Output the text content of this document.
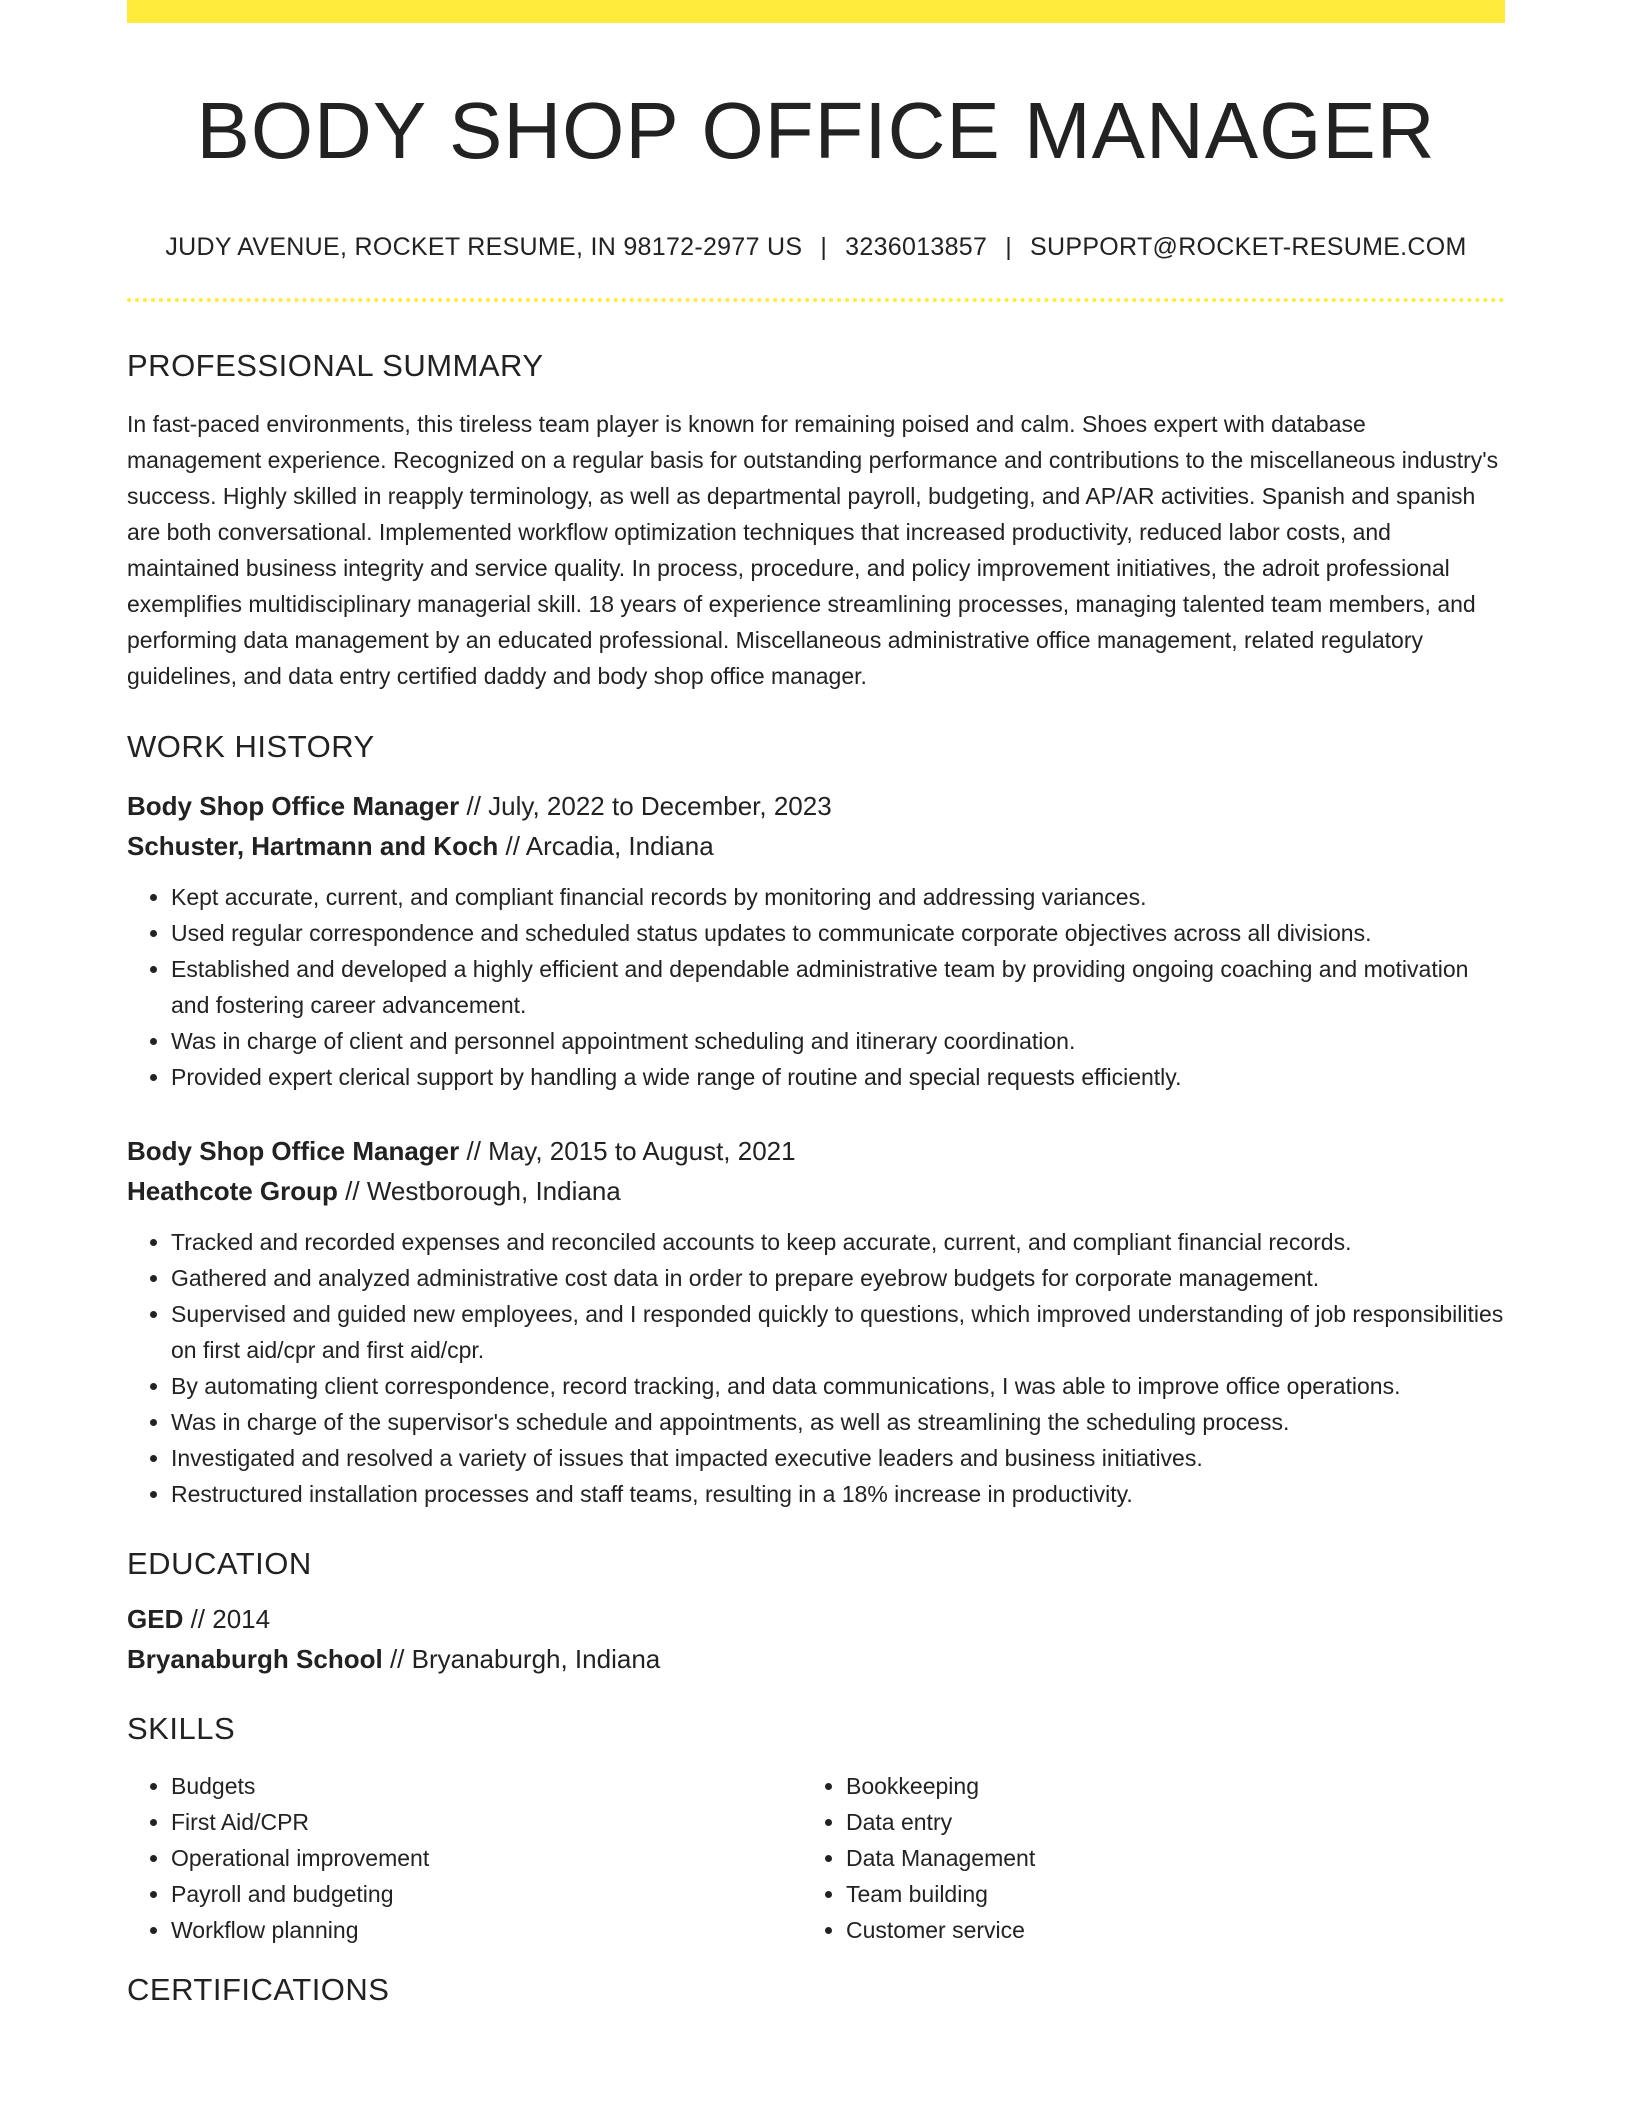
BODY SHOP OFFICE MANAGER
JUDY AVENUE, ROCKET RESUME, IN 98172-2977 US | 3236013857 | SUPPORT@ROCKET-RESUME.COM
PROFESSIONAL SUMMARY

In fast-paced environments, this tireless team player is known for remaining poised and calm. Shoes expert with database management experience. Recognized on a regular basis for outstanding performance and contributions to the miscellaneous industry's success. Highly skilled in reapply terminology, as well as departmental payroll, budgeting, and AP/AR activities. Spanish and spanish are both conversational. Implemented workflow optimization techniques that increased productivity, reduced labor costs, and maintained business integrity and service quality. In process, procedure, and policy improvement initiatives, the adroit professional exemplifies multidisciplinary managerial skill. 18 years of experience streamlining processes, managing talented team members, and performing data management by an educated professional. Miscellaneous administrative office management, related regulatory guidelines, and data entry certified daddy and body shop office manager.

WORK HISTORY
Body Shop Office Manager // July, 2022 to December, 2023
Schuster, Hartmann and Koch // Arcadia, Indiana
• Kept accurate, current, and compliant financial records by monitoring and addressing variances.
• Used regular correspondence and scheduled status updates to communicate corporate objectives across all divisions.
• Established and developed a highly efficient and dependable administrative team by providing ongoing coaching and motivation and fostering career advancement.
• Was in charge of client and personnel appointment scheduling and itinerary coordination.
• Provided expert clerical support by handling a wide range of routine and special requests efficiently.
Body Shop Office Manager // May, 2015 to August, 2021
Heathcote Group // Westborough, Indiana
• Tracked and recorded expenses and reconciled accounts to keep accurate, current, and compliant financial records.
• Gathered and analyzed administrative cost data in order to prepare eyebrow budgets for corporate management.
• Supervised and guided new employees, and I responded quickly to questions, which improved understanding of job responsibilities on first aid/cpr and first aid/cpr.
• By automating client correspondence, record tracking, and data communications, I was able to improve office operations.
• Was in charge of the supervisor's schedule and appointments, as well as streamlining the scheduling process.
• Investigated and resolved a variety of issues that impacted executive leaders and business initiatives.
• Restructured installation processes and staff teams, resulting in a 18% increase in productivity.
EDUCATION
GED // 2014
Bryanaburgh School // Bryanaburgh, Indiana
SKILLS
• Budgets
• First Aid/CPR
• Operational improvement
• Payroll and budgeting
• Workflow planning
• Bookkeeping
• Data entry
• Data Management
• Team building
• Customer service
CERTIFICATIONS
